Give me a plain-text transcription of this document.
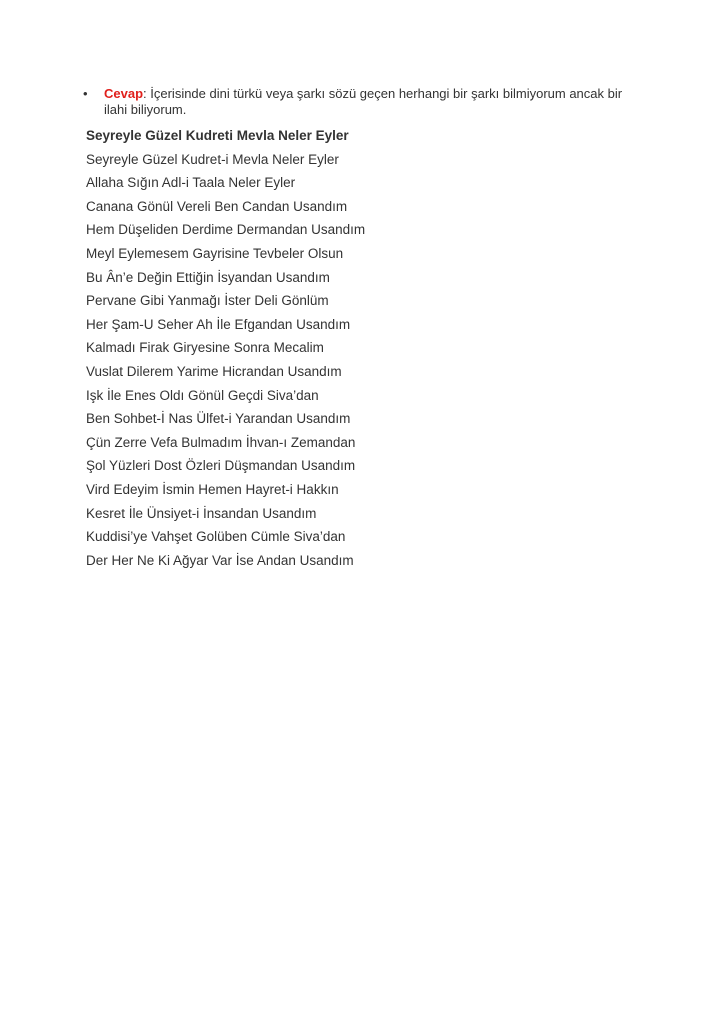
• Cevap: İçerisinde dini türkü veya şarkı sözü geçen herhangi bir şarkı bilmiyorum ancak bir ilahi biliyorum.

Seyreyle Güzel Kudreti Mevla Neler Eyler

Seyreyle Güzel Kudret-i Mevla Neler Eyler

Allaha Sığın Adl-i Taala Neler Eyler

Canana Gönül Vereli Ben Candan Usandım

Hem Düşeliden Derdime Dermandan Usandım

Meyl Eylemesem Gayrisine Tevbeler Olsun

Bu Ân’e Değin Ettiğin İsyandan Usandım

Pervane Gibi Yanmağı İster Deli Gönlüm

Her Şam-U Seher Ah İle Efgandan Usandım

Kalmadı Firak Giryesine Sonra Mecalim

Vuslat Dilerem Yarime Hicrandan Usandım

Işk İle Enes Oldı Gönül Geçdi Siva’dan

Ben Sohbet-İ Nas Ülfet-i Yarandan Usandım

Çün Zerre Vefa Bulmadım İhvan-ı Zemandan

Şol Yüzleri Dost Özleri Düşmandan Usandım

Vird Edeyim İsmin Hemen Hayret-i Hakkın

Kesret İle Ünsiyet-i İnsandan Usandım

Kuddisi’ye Vahşet Golüben Cümle Siva’dan

Der Her Ne Ki Ağyar Var İse Andan Usandım
